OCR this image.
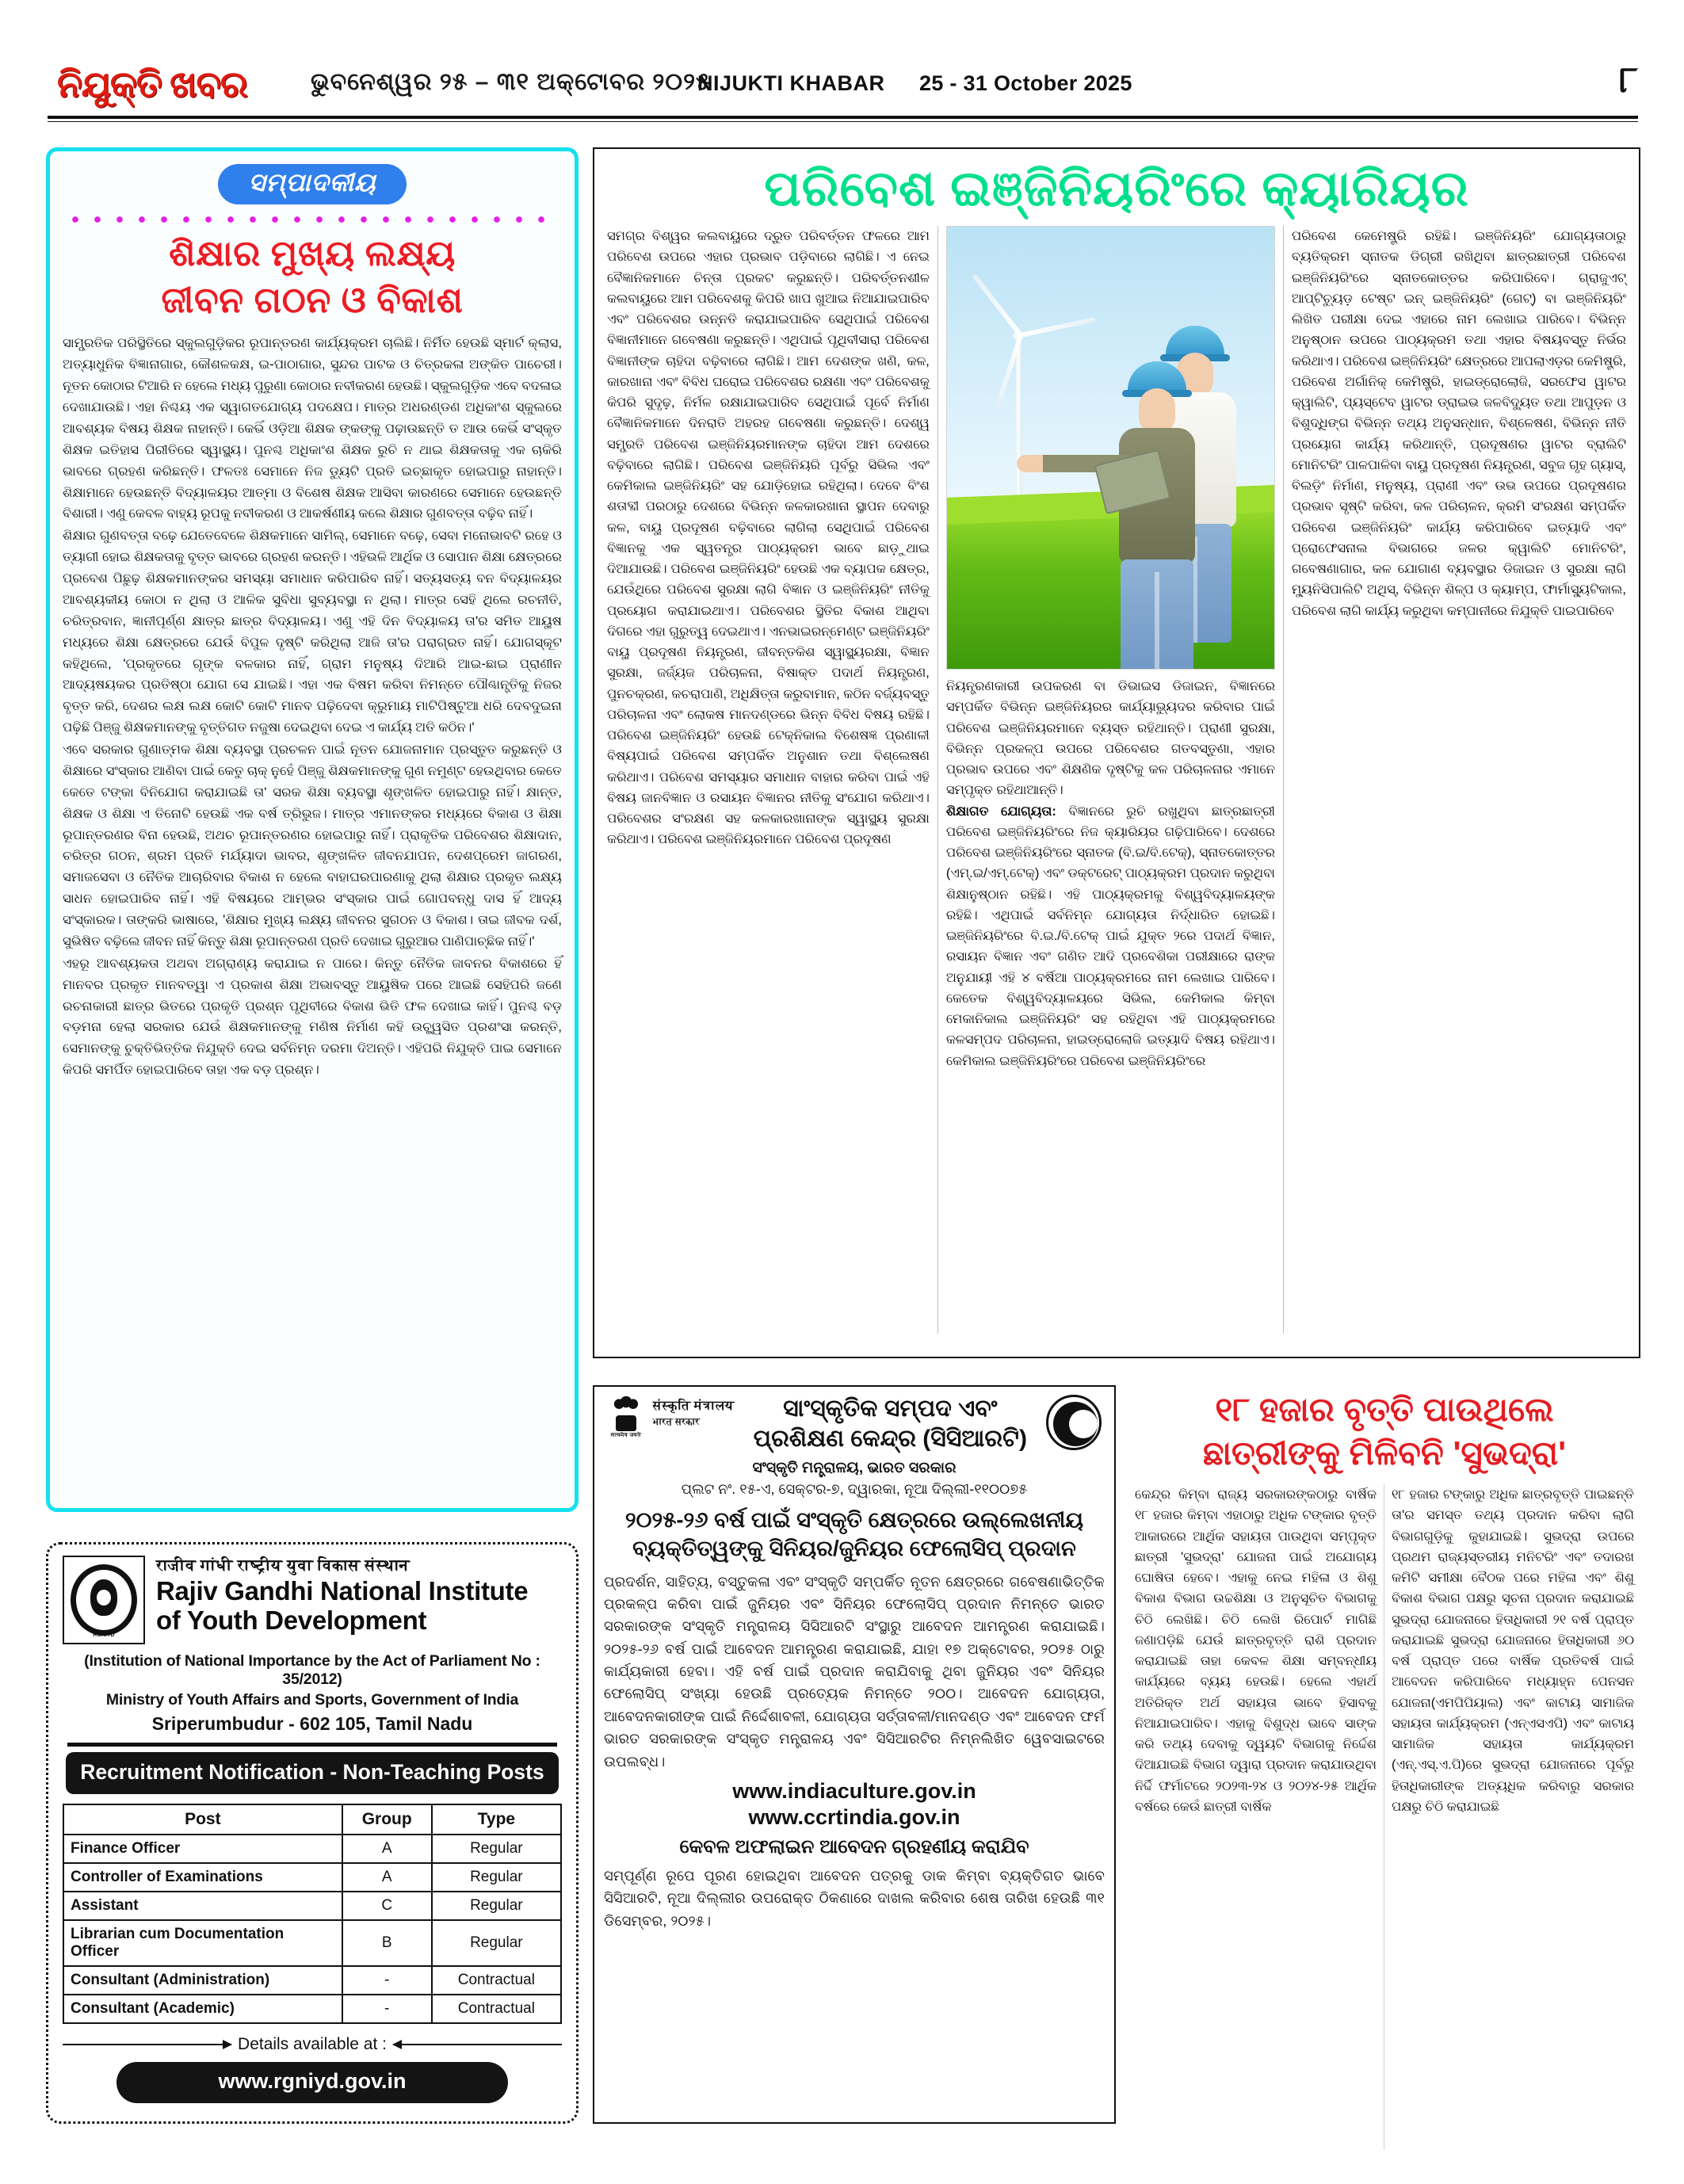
ନିଯୁକ୍ତି ଖବର	ଭୁବନେଶ୍ୱର ୨୫ – ୩୧ ଅକ୍ଟୋବର ୨୦୨୫
NIJUKTI KHABAR 25 - 31 October 2025	୮
ସମ୍ପାଦକୀୟ
ଶିକ୍ଷାର ମୁଖ୍ୟ ଲକ୍ଷ୍ୟ
ଜୀବନ ଗଠନ ଓ ବିକାଶ

ସାମ୍ପ୍ରତିକ ପରିସ୍ଥିତିରେ ସ୍କୁଲଗୁଡ଼ିକର ରୂପାନ୍ତରଣ କାର୍ଯ୍ୟକ୍ରମ ଚାଲିଛି। ନିର୍ମିତ ହେଉଛି ସ୍ମାର୍ଟ କ୍ଲାସ, ଅତ୍ୟାଧୁନିକ ବିଜ୍ଞାନାଗାର, କୌଶଳକକ୍ଷ, ଇ-ପାଠାଗାର, ସୁନ୍ଦର ପାଟକ ଓ ଚିତ୍ରକଳା ଅଙ୍କିତ ପାଚେରୀ। ନୂତନ କୋଠାର ଟିଆରି ନ ହେଲେ ମଧ୍ୟ ପୁରୁଣା କୋଠାର ନବୀକରଣ ହେଉଛି। ସ୍କୁଲଗୁଡ଼ିକ ଏବେ ବଦଳାଇ ଦେଖାଯାଉଛି। ଏହା ନିଶ୍ଚୟ ଏକ ସ୍ୱାଗତଯୋଗ୍ୟ ପଦକ୍ଷେପ। ମାତ୍ର ଅଧରଣ୍ଡଣ ଅଧିକାଂଶ ସ୍କୁଲରେ ଆବଶ୍ୟକ ବିଷୟ ଶିକ୍ଷକ ନାହାନ୍ତି। କେଭିଁ ଓଡ଼ିଆ ଶିକ୍ଷକ ଙ୍କଙ୍କୁ ପଢ଼ାଉଛନ୍ତି ତ ଆଉ କେଭିଁ ସଂସ୍କୃତ ଶିକ୍ଷକ ଇତିହାସ ପିରୀତିରେ ସ୍ୱାସ୍ଥ୍ୟ। ପୁନଶ୍ଚ ଅଧିକାଂଶ ଶିକ୍ଷକ ରୁଚି ନ ଥାଇ ଶିକ୍ଷକତାକୁ ଏକ ଚାକିରି ଭାବରେ ଗ୍ରହଣ କରିଛନ୍ତି। ଫଳତଃ ସେମାନେ ନିଜ ଡ୍ୟୁଟି ପ୍ରତି ଇଚ୍ଛାକୃତ ହୋଇପାରୁ ନାହାନ୍ତି। ଶିକ୍ଷାମାନେ ହେଉଛନ୍ତି ବିଦ୍ୟାଳୟର ଆତ୍ମା ଓ ବିଶେଷ ଶିକ୍ଷକ ଆସିବା କାରଣରେ ସେମାନେ ହେଉଛନ୍ତି ବିଶାରୀ। ଏଣୁ କେବଳ ବାହ୍ୟ ରୂପକୁ ନବୀକରଣ ଓ ଆକର୍ଷଣୀୟ କଲେ ଶିକ୍ଷାର ଗୁଣବତ୍ତା ବଢ଼ିବ ନାହିଁ।

ଶିକ୍ଷାର ଗୁଣବତ୍ତା ବଢ଼େ ଯେତେବେଳେ ଶିକ୍ଷକମାନେ ସାମିଲ୍, ସେମାନେ ବଢ଼େ, ସେବା ମନୋଭାବଟି ରହେ ଓ ତ୍ୟାଗୀ ହୋଇ ଶିକ୍ଷକତାକୁ ବୃତ୍ତ ଭାବରେ ଗ୍ରହଣ କରନ୍ତି। ଏହିଭଳି ଆର୍ଥିକ ଓ ସୋପାନ ଶିକ୍ଷା କ୍ଷେତ୍ରରେ ପ୍ରବେଶ ପିଛୁଢ଼ ଶିକ୍ଷକମାନଙ୍କର ସମସ୍ୟା ସମାଧାନ କରିପାରିବ ନାହିଁ। ସତ୍ୟସତ୍ୟ ବନ ବିଦ୍ୟାଳୟର ଆବଶ୍ୟକୀୟ କୋଠା ନ ଥିଲା ଓ ଆଳିକ ସୁବିଧା ସୁବ୍ୟବସ୍ଥା ନ ଥିଲା। ମାତ୍ର ସେହି ଥିଲେ ରଚନୀତି, ଚରିତ୍ରବାନ, ଜ୍ଞାନୀପୂର୍ଣ୍ଣ କ୍ଷାତ୍ର ଛାତ୍ର ବିଦ୍ୟାଳୟ। ଏଣୁ ଏହି ଦିନ ବିଦ୍ୟାଳୟ ତା'ର ସମିତ ଆୟୁଷ ମଧ୍ୟରେ ଶିକ୍ଷା କ୍ଷେତ୍ରରେ ଯେଉଁ ବିପୁଳ ଦୃଷ୍ଟି କରିଥିଲା ଆଜି ତା'ର ପରାଗ୍ରତ ନାହିଁ। ଯୋଗସ୍କୂଟ କହିଥିଲେ, 'ପ୍ରକୃତରେ ଗୃଙ୍କ ବଳକାର ନାହିଁ, ଗ୍ରାମ ମନୁଷ୍ୟ ଦିଆରି ଆଇ-ଛାଇ ପ୍ରାଣୀନ ଆଦ୍ୟଷୟକର ପ୍ରତିଷ୍ଠା ଯୋଗ ସେ ଯାଇଛି। ଏହା ଏକ ବିଷମ କରିବା ନିମନ୍ତେ ପୌଣ୍ଢାନ୍ତ୍ତିକୁ ନିଜର ବୃତ୍ତ କରି, ଦେଶର ଲକ୍ଷ ଲକ୍ଷ କୋଟି କୋଟି ମାନବ ପଢ଼ିଦେବା କ୍ରୁମାୟ ମାଟିପିଷ୍ଟୁଆ ଧରି ଦେବଦୁଇନା ପଢ଼ିଛି ପିଞ୍ଜୁ ଶିକ୍ଷକମାନଙ୍କୁ ବୃତ୍ତିଗତ ନଜୁଷା ଦେଇଥିବା ଦେଇ ଏ କାର୍ଯ୍ୟ ଅତି କଠିନ।'

ଏବେ ସରକାର ଗୁଣାତ୍ମକ ଶିକ୍ଷା ବ୍ୟବସ୍ଥା ପ୍ରଚଳନ ପାଇଁ ନୂତନ ଯୋଜନାମାନ ପ୍ରସ୍ତୁତ କରୁଛନ୍ତି ଓ ଶିକ୍ଷାରେ ସଂସ୍କାର ଆଣିବା ପାଇଁ କେତୁ ଚାକ୍ ନୁହେଁ ପିଞ୍ଜୁ ଶିକ୍ଷକମାନଙ୍କୁ ଗୁଣ ନମୁଣ୍ଟ ହେଉଥିବାର କେତେ କେତେ ଟଙ୍କା ବିନିଯୋଗ କରାଯାଇଛି ତା' ସରକ ଶିକ୍ଷା ବ୍ୟବସ୍ଥା ଶୃଙ୍ଖଳିତ ହୋଇପାରୁ ନାହିଁ। କ୍ଷାନ୍ତ, ଶିକ୍ଷକ ଓ ଶିକ୍ଷା ଏ ତିନୋଟି ହେଉଛି ଏକ ବର୍ଷ ତ୍ରିଭୁଜ। ମାତ୍ର ଏମାନଙ୍କର ମଧ୍ୟରେ ବିକାଶ ଓ ଶିକ୍ଷା ରୂପାନ୍ତରଣର ବିନା ହେଉଛି, ଅଥଚ ରୂପାନ୍ତରଣର ହୋଇପାରୁ ନାହିଁ। ପ୍ରାକୃତିକ ପରିବେଶର ଶିକ୍ଷାଦାନ, ଚରିତ୍ର ଗଠନ, ଶ୍ରମ ପ୍ରତି ମର୍ଯ୍ୟାଦା ଭାବର, ଶୃଙ୍ଖଳିତ ଜୀବନଯାପନ, ଦେଶପ୍ରେମ ଜାଗରଣ, ସମାଜସେବା ଓ ନୈତିକ ଆଚାରିବାର ବିକାଶ ନ ହେଲେ ବାହାଘରପାରଣାକୁ ଥିଲା ଶିକ୍ଷାର ପ୍ରକୃତ ଲକ୍ଷ୍ୟ ସାଧନ ହୋଇପାରିବ ନାହିଁ। ଏହି ବିଷୟରେ ଆମ୍ଭର ସଂସ୍କାର ପାଇଁ ଗୋପବନ୍ଧୁ ଦାସ ହିଁ ଆଦ୍ୟ ସଂସ୍କାରକ। ତାଙ୍କରି ଭାଷାରେ, 'ଶିକ୍ଷାର ମୁଖ୍ୟ ଲକ୍ଷ୍ୟ ଜୀବନର ସୁଗଠନ ଓ ବିକାଶ। ତାଇ ଜୀବକ ଦର୍ଶ, ସୁଭିଷିତ ବଢ଼ିଲେ ଜୀବନ ନାହିଁ କିନ୍ତୁ ଶିକ୍ଷା ରୂପାନ୍ତରଣ ପ୍ରତି ଦେଖାଇ ଗୁରୁଆର ପାଣିପାଚ୍ଛିକ ନାହିଁ।'

ଏହରୂ ଆବଶ୍ୟକତା ଅଥବା ଅଗ୍ରାଣ୍ୟ କରାଯାଇ ନ ପାରେ। କିନ୍ତୁ ନୈତିକ ଜାବନର ବିକାଶରେ ହିଁ ମାନବର ପ୍ରକୃତ ମାନବତ୍ୱା ଏ ପ୍ରକାଶ ଶିକ୍ଷା ଅଭାବସ୍ତୁ ଆୟୁଷିକ ପରେ ଆଇଛି ସେହିପରି ଜଣେ ରଚନାକାରୀ ଛାତ୍ର ଭିତରେ ପ୍ରକୃତି ପ୍ରଶ୍ନ ପୃଥିବୀରେ ବିକାଶ ଭିତି ଫଳ ଦେଖାଇ କାହିଁ। ପୁନଶ୍ଚ ବଡ଼ ବଡ଼ମନା ହେଲା ସରକାର ଯେଉଁ ଶିକ୍ଷକମାନଙ୍କୁ ମଣିଷ ନିର୍ମାଣ କହି ଉଚ୍ଛ୍ୱସିତ ପ୍ରଶଂସା କରନ୍ତି, ସେମାନଙ୍କୁ ଚୁକ୍ତିଭିତ୍ତିକ ନିଯୁକ୍ତି ଦେଇ ସର୍ବନିମ୍ନ ଦରମା ଦିଅନ୍ତି। ଏହିପରି ନିଯୁକ୍ତି ପାଇ ସେମାନେ କିପରି ସମର୍ପିତ ହୋଇପାରିବେ ତାହା ଏକ ବଡ଼ ପ୍ରଶ୍ନ।

RGNIYD
राजीव गांधी राष्ट्रीय युवा विकास संस्थान
Rajiv Gandhi National Institute
of Youth Development
(Institution of National Importance by the Act of Parliament No : 35/2012)
Ministry of Youth Affairs and Sports, Government of India
Sriperumbudur - 602 105, Tamil Nadu
Recruitment Notification - Non-Teaching Posts
Post	Group	Type
Finance Officer	A	Regular
Controller of Examinations	A	Regular
Assistant	C	Regular
Librarian cum Documentation Officer	B	Regular
Consultant (Administration)	-	Contractual
Consultant (Academic)	-	Contractual
Details available at :
www.rgniyd.gov.in
ପରିବେଶ ଇଞ୍ଜିନିୟରିଂରେ କ୍ୟାରିୟର

ସମଗ୍ର ବିଶ୍ୱର କଲବାୟୁରେ ଦ୍ରୁତ ପରିବର୍ତ୍ତନ ଫଳରେ ଆମ ପରିବେଶ ଉପରେ ଏହାର ପ୍ରଭାବ ପଡ଼ିବାରେ ଲାଗିଛି। ଏ ନେଇ ବୈଜ୍ଞାନିକମାନେ ଚିନ୍ତା ପ୍ରକଟ କରୁଛନ୍ତି। ପରିବର୍ତ୍ତନଶୀଳ କଲବାୟୁରେ ଆମ ପରିବେଶକୁ କିପରି ଖାପ ଖୁଆଇ ନିଆଯାଇପାରିବ ଏବଂ ପରିବେଶର ଉନ୍ନତି କରାଯାଇପାରିବ ସେଥିପାଇଁ ପରିବେଶ ବିଜ୍ଞାନୀମାନେ ଗବେଷଣା କରୁଛନ୍ତି। ଏଥିପାଇଁ ପୃଥିବୀସାରା ପରିବେଶ ବିଜ୍ଞାନୀଙ୍କ ଚାହିଦା ବଢ଼ିବାରେ ଲାଗିଛି। ଆମ ଦେଶଙ୍କ ଖଣି, କଳ, କାରଖାନା ଏବଂ ବିବିଧ ଘରୋଇ ପରିବେଶର ରକ୍ଷଣା ଏବଂ ପରିବେଶକୁ କିପରି ସୁଦୃଢ଼, ନିର୍ମଳ ରକ୍ଷାଯାଇପାରିବ ସେଥିପାଇଁ ପୂର୍ବେ ନିର୍ମାଣ ବୈଜ୍ଞାନିକମାନେ ଦିନରାତି ଅହରହ ଗବେଷଣା କରୁଛନ୍ତି। ଦେଶ୍ୱ ସମ୍ପ୍ରତି ପରିବେଶ ଇଞ୍ଜିନିୟରମାନଙ୍କ ଚାହିଦା ଆମ ଦେଶରେ ବଢ଼ିବାରେ ଲାଗିଛି। ପରିବେଶ ଇଞ୍ଜିନିୟରି ପୂର୍ବରୁ ସିଭିଲ ଏବଂ କେମିକାଲ ଇଞ୍ଜିନିୟରିଂ ସହ ଯୋଡ଼ିହୋଇ ରହିଥିଲା। ଦେବେ ବିଂଶ ଶତାବ୍ଦୀ ପରଠାରୁ ଦେଶରେ ବିଭିନ୍ନ କଳକାରଖାନା ସ୍ଥାପନ ଦେବାରୁ କଳ, ବାୟୁ ପ୍ରଦୂଷଣ ବଢ଼ିବାରେ ଲାଗିଲା ସେଥିପାଇଁ ପରିବେଶ ବିଜ୍ଞାନକୁ ଏକ ସ୍ୱତନ୍ତ୍ର ପାଠ୍ୟକ୍ରମ ଭାବେ ଛାଡ଼ୁଥାଇ ଦିଆଯାଉଛି। ପରିବେଶ ଇଞ୍ଜିନିୟରିଂ ହେଉଛି ଏକ ବ୍ୟାପକ କ୍ଷେତ୍ର, ଯେଉଁଥିରେ ପରିବେଶ ସୁରକ୍ଷା ଲାଗି ବିଜ୍ଞାନ ଓ ଇଞ୍ଜିନିୟରିଂ ନୀତିକୁ ପ୍ରୟୋଗ କରାଯାଇଥାଏ। ପରିବେଶର ସ୍ଥିତିର ବିକାଶ ଆଥିବା ଦିଗରେ ଏହା ଗୁରୁତ୍ୱ ଦେଇଥାଏ। ଏନଭାଇରନ୍ମେଣ୍ଟ ଇଞ୍ଜିନିୟରିଂ ବାୟୁ ପ୍ରଦୂଷଣ ନିୟନ୍ତ୍ରଣ, ଜୀବନ୍ତକିଶ ସ୍ୱାସ୍ଥ୍ୟରକ୍ଷା, ବିଜ୍ଞାନ ସୁରକ୍ଷା, ଜର୍ଜ୍ୟଜ ପରିଚାଳନା, ବିଷାକ୍ତ ପଦାର୍ଥ ନିୟନ୍ତ୍ରଣ, ପୁନଚକ୍ରଣ, କଚରାପାଣି, ଅଧିକ୍ଷିତ୍ତା କରୁବାମାନ, କଠିନ ବର୍ଜ୍ୟବସ୍ତୁ ପରିଚାଳନା ଏବଂ ଲୋକଷ ମାନଦଣ୍ଡରେ ଭିନ୍ନ ବିବିଧ ବିଷୟ ରହିଛି। ପରିବେଶ ଇଞ୍ଜିନିୟରିଂ ହେଉଛି ଟେକ୍ନିକାଲ ବିଶେଷଜ୍ଞ ପ୍ରଣାଳୀ ବିଷ୍ୟପାଇଁ ପରିବେଶ ସମ୍ପର୍କିତ ଅନୁଶାନ ତଥା ବିଶ୍ଲେଷଣ କରିଥାଏ। ପରିବେଶ ସମସ୍ୟାର ସମାଧାନ ବାହାର କରିବା ପାଇଁ ଏହି ବିଷୟ ଜାନବିଜ୍ଞାନ ଓ ରସାୟନ ବିଜ୍ଞାନର ନୀତିକୁ ସଂଯୋଗ କରିଥାଏ। ପରିବେଶର ସଂରକ୍ଷଣ ସହ କଳକାରଖାନାଙ୍କ ସ୍ୱାସ୍ଥ୍ୟ ସୁରକ୍ଷା କରିଥାଏ। ପରିବେଶ ଇଞ୍ଜିନିୟରମାନେ ପରିବେଶ ପ୍ରଦୂଷଣ

ନିୟନ୍ତ୍ରଣକାରୀ ଉପକରଣ ବା ଡିଭାଇସ ଡିଜାଇନ, ବିଜ୍ଞାନରେ ସମ୍ପର୍କିତ ବିଭିନ୍ନ ଇଞ୍ଜିନିୟରର କାର୍ଯ୍ୟାଭ୍ୟୁଦର କରିବାର ପାଇଁ ପରିବେଶ ଇଞ୍ଜିନିୟରମାନେ ବ୍ୟସ୍ତ ରହିଥାନ୍ତି। ପ୍ରାଣୀ ସୁରକ୍ଷା, ବିଭିନ୍ନ ପ୍ରକଳ୍ପ ଉପରେ ପରିବେଶର ଗତବସ୍ତୁଣା, ଏହାର ପ୍ରଭାବ ଉପରେ ଏବଂ ଶିକ୍ଷଣିକ ଦୃଷ୍ଟିକୁ କଳ ପରିଚାଳନାର ଏମାନେ ସମ୍ପୃକ୍ତ ରହିଥାଆନ୍ତି।

ଶିକ୍ଷାଗତ ଯୋଗ୍ୟତା: ବିଜ୍ଞାନରେ ରୁଚି ରଖୁଥିବା ଛାତ୍ରଛାତ୍ରୀ ପରିବେଶ ଇଞ୍ଜିନିୟରିଂରେ ନିଜ କ୍ୟାରିୟର ଗଢ଼ିପାରିବେ। ଦେଶରେ ପରିବେଶ ଇଞ୍ଜିନିୟରିଂରେ ସ୍ନାତକ (ବି.ଇ/ବି.ଟେକ୍), ସ୍ନାତକୋତ୍ତର (ଏମ୍.ଇ/ଏମ୍.ଟେକ୍) ଏବଂ ଡକ୍ଟରେଟ୍ ପାଠ୍ୟକ୍ରମ ପ୍ରଦାନ କରୁଥିବା ଶିକ୍ଷାନୁଷ୍ଠାନ ରହିଛି। ଏହି ପାଠ୍ୟକ୍ରମକୁ ବିଶ୍ୱବିଦ୍ୟାଳୟଙ୍କ ରହିଛି। ଏଥିପାଇଁ ସର୍ବନିମ୍ନ ଯୋଗ୍ୟତା ନିର୍ଦ୍ଧାରିତ ହୋଇଛି। ଇଞ୍ଜିନିୟରିଂରେ ବି.ଇ./ବି.ଟେକ୍ ପାଇଁ ଯୁକ୍ତ ୨ରେ ପଦାର୍ଥ ବିଜ୍ଞାନ, ରସାୟନ ବିଜ୍ଞାନ ଏବଂ ଗଣିତ ଆଦି ପ୍ରବେଶିକା ପରୀକ୍ଷାରେ ରାଙ୍କ ଅନୁଯାୟୀ ଏହି ୪ ବର୍ଷିଆ ପାଠ୍ୟକ୍ରମରେ ନାମ ଲେଖାଇ ପାରିବେ। କେତେକ ବିଶ୍ୱବିଦ୍ୟାଳୟରେ ସିଭିଲ, କେମିକାଲ କିମ୍ବା ମେକାନିକାଲ ଇଞ୍ଜିନିୟରିଂ ସହ ରହିଥିବା ଏହି ପାଠ୍ୟକ୍ରମରେ କଳସମ୍ପଦ ପରିଚାଳନା, ହାଇଡ୍ରୋଲୋଜି ଇତ୍ୟାଦି ବିଷୟ ରହିଥାଏ। କେମିକାଲ ଇଞ୍ଜିନିୟରିଂରେ ପରିବେଶ ଇଞ୍ଜିନିୟରିଂରେ

ପରିବେଶ କେମେଷ୍ଟ୍ରି ରହିଛି। ଇଞ୍ଜିନିୟରିଂ ଯୋଗ୍ୟତାଠାରୁ ବ୍ୟତିକ୍ରମ ସ୍ନାତକ ଡିଗ୍ରୀ ରଖିଥିବା ଛାତ୍ରଛାତ୍ରୀ ପରିବେଶ ଇଞ୍ଜିନିୟରିଂରେ ସ୍ନାତକୋତ୍ତର କରିପାରିବେ। ଗ୍ରାଜୁଏଟ୍ ଆପ୍ଟିଚ୍ୟୁଡ଼ ଟେଷ୍ଟ ଇନ୍ ଇଞ୍ଜିନିୟରିଂ (ଗେଟ୍) ବା ଇଞ୍ଜିନିୟରିଂ ଲିଖିତ ପରୀକ୍ଷା ଦେଇ ଏହାରେ ନାମ ଲେଖାଇ ପାରିବେ। ବିଭିନ୍ନ ଅନୁଷ୍ଠାନ ଉପରେ ପାଠ୍ୟକ୍ରମ ତଥା ଏହାର ବିଷୟବସ୍ତୁ ନିର୍ଭର କରିଥାଏ। ପରିବେଶ ଇଞ୍ଜିନିୟରିଂ କ୍ଷେତ୍ରରେ ଆପଲାଏଡ଼ର କେମିଷ୍ଟ୍ରି, ପରିବେଶ ଅର୍ଗାନିକ୍ କେମିଷ୍ଟ୍ରି, ହାଇଡ୍ରୋଲୋଜି, ସରଫେସ ୱାଟର କ୍ୱାଲିଟି, ପ୍ୟସ୍ଟେବ ୱାଟର ଡ୍ରାଇଭ ଜଳବିଦ୍ୟୁତ ତଥା ଆପୁଡ଼ନ ଓ ବିଶୁଦ୍ଧିଙ୍ଗ ବିଭିନ୍ନ ତଥ୍ୟ ଅନୁସନ୍ଧାନ, ବିଶ୍ଳେଷଣ, ବିଭିନ୍ନ ନୀତି ପ୍ରୟୋଗ କାର୍ଯ୍ୟ କରିଥାନ୍ତି, ପ୍ରଦୂଷଣର ୱାଟର ବ୍ରାଲିଟି ମୋନିଟରିଂ ପାଳପାଳିବା ବାୟୁ ପ୍ରଦୂଷଣ ନିୟନ୍ତ୍ରଣ, ସବୁଜ ଗୃହ ଗ୍ୟାସ୍, ବିଲଡ଼ିଂ ନିର୍ମାଣ, ମନୁଷ୍ୟ, ପ୍ରାଣୀ ଏବଂ ଉଭ ଉପରେ ପ୍ରଦୂଷଣର ପ୍ରଭାବ ସୃଷ୍ଟି କରିବା, କଳ ପରିଚାଳନ, କ୍ରମି ସଂରକ୍ଷଣ ସମ୍ପର୍କିତ ପରିବେଶ ଇଞ୍ଜିନିୟରିଂ କାର୍ଯ୍ୟ କରିପାରିବେ ଇତ୍ୟାଦି ଏବଂ ପ୍ରୋଫେସନାଲ ବିଭାଗରେ ଜଳର କ୍ୱାଲିଟି ମୋନିଟରିଂ, ଗବେଷଣାଗାର, କଳ ଯୋଗାଣ ବ୍ୟବସ୍ଥାର ଡିଜାଇନ ଓ ସୁରକ୍ଷା ଲାଗି ମ୍ୟୁନିସିପାଲିଟି ଅଥିସ୍, ବିଭିନ୍ନ ଶିଳ୍ପ ଓ କ୍ୟାମ୍ପ, ଫାର୍ମାସ୍ୟୁଟିକାଲ, ପରିବେଶ ଲାଗି କାର୍ଯ୍ୟ କରୁଥିବା କମ୍ପାନୀରେ ନିଯୁକ୍ତି ପାଇପାରିବେ

सत्यमेव जयते
संस्कृति मंत्रालय
भारत सरकार	ସାଂସ୍କୃତିକ ସମ୍ପଦ ଏବଂ
ପ୍ରଶିକ୍ଷଣ କେନ୍ଦ୍ର (ସିସିଆରଟି)
ସଂସ୍କୃତି ମନ୍ତ୍ରାଳୟ, ଭାରତ ସରକାର
ପ୍ଲଟ ନଂ. ୧୫-ଏ, ସେକ୍ଟର-୭, ଦ୍ୱାରକା, ନୂଆ ଦିଲ୍ଲୀ-୧୧୦୦୭୫
୨୦୨୫-୨୬ ବର୍ଷ ପାଇଁ ସଂସ୍କୃତି କ୍ଷେତ୍ରରେ ଉଲ୍ଲେଖନୀୟ
ବ୍ୟକ୍ତିତ୍ୱଙ୍କୁ ସିନିୟର/ଜୁନିୟର ଫେଲୋସିପ୍ ପ୍ରଦାନ
ପ୍ରଦର୍ଶନ, ସାହିତ୍ୟ, ବସ୍ତୁକଳା ଏବଂ ସଂସ୍କୃତି ସମ୍ପର୍କିତ ନୂତନ କ୍ଷେତ୍ରରେ ଗବେଷଣାଭିତ୍ତିକ ପ୍ରକଳ୍ପ କରିବା ପାଇଁ ଜୁନିୟର ଏବଂ ସିନିୟର ଫେଲୋସିପ୍ ପ୍ରଦାନ ନିମନ୍ତେ ଭାରତ ସରକାରଙ୍କ ସଂସ୍କୃତି ମନ୍ତ୍ରାଳୟ ସିସିଆରଟି ସଂସ୍ଥାରୁ ଆବେଦନ ଆମନ୍ତ୍ରଣ କରାଯାଇଛି। ୨୦୨୫-୨୬ ବର୍ଷ ପାଇଁ ଆବେଦନ ଆମନ୍ତ୍ରଣ କରାଯାଇଛି, ଯାହା ୧୭ ଅକ୍ଟୋବର, ୨୦୨୫ ଠାରୁ କାର୍ଯ୍ୟକାରୀ ହେବା। ଏହି ବର୍ଷ ପାଇଁ ପ୍ରଦାନ କରାଯିବାକୁ ଥିବା ଜୁନିୟର ଏବଂ ସିନିୟର ଫେଲୋସିପ୍ ସଂଖ୍ୟା ହେଉଛି ପ୍ରତ୍ୟେକ ନିମନ୍ତେ ୨୦୦। ଆବେଦନ ଯୋଗ୍ୟତା, ଆବେଦନକାରୀଙ୍କ ପାଇଁ ନିର୍ଦ୍ଦେଶାବଳୀ, ଯୋଗ୍ୟତା ସର୍ତ୍ତାବଳୀ/ମାନଦଣ୍ଡ ଏବଂ ଆବେଦନ ଫର୍ମ ଭାରତ ସରକାରଙ୍କ ସଂସ୍କୃତ ମନ୍ତ୍ରାଳୟ ଏବଂ ସିସିଆରଟିର ନିମ୍ନଲିଖିତ ୱେବସାଇଟରେ ଉପଲବ୍ଧ।
www.indiaculture.gov.in
www.ccrtindia.gov.in
କେବଳ ଅଫଲାଇନ ଆବେଦନ ଗ୍ରହଣୀୟ କରାଯିବ
ସମ୍ପୂର୍ଣ୍ଣ ରୂପେ ପୂରଣ ହୋଇଥିବା ଆବେଦନ ପତ୍ରକୁ ଡାକ କିମ୍ବା ବ୍ୟକ୍ତିଗତ ଭାବେ ସିସିଆରଟି, ନୂଆ ଦିଲ୍ଲୀର ଉପରୋକ୍ତ ଠିକଣାରେ ଦାଖଲ କରିବାର ଶେଷ ତାରିଖ ହେଉଛି ୩୧ ଡିସେମ୍ବର, ୨୦୨୫।
୧୮ ହଜାର ବୃତ୍ତି ପାଉଥିଲେ
ଛାତ୍ରୀଙ୍କୁ ମିଳିବନି 'ସୁଭଦ୍ରା'
କେନ୍ଦ୍ର କିମ୍ବା ରାଜ୍ୟ ସରକାରଙ୍କଠାରୁ ବାର୍ଷିକ ୧୮ ହଜାର କିମ୍ବା ଏହାଠାରୁ ଅଧିକ ଟଙ୍କାର ବୃତ୍ତି ଆକାରରେ ଆର୍ଥିକ ସହାୟତା ପାଉଥିବା ସମ୍ପୃକ୍ତ ଛାତ୍ରୀ 'ସୁଭଦ୍ରା' ଯୋଜନା ପାଇଁ ଅଯୋଗ୍ୟ ଘୋଷିତା ହେବେ। ଏହାକୁ ନେଇ ମହିଳା ଓ ଶିଶୁ ବିକାଶ ବିଭାଗ ଉଚ୍ଚଶିକ୍ଷା ଓ ଅନୁସୂଚିତ ବିଭାଗକୁ ଚିଠି ଲେଖିଛି। ଚିଠି ଲେଖି ରିପୋର୍ଟ ମାଗିଛି ଜଣାପଡ଼ିଛି ଯେଉଁ ଛାତ୍ରବୃତ୍ତି ରାଶି ପ୍ରଦାନ କରାଯାଇଛି ତାହା କେବଳ ଶିକ୍ଷା ସମ୍ବନ୍ଧୀୟ କାର୍ଯ୍ୟରେ ବ୍ୟୟ ହେଉଛି। ହେଲେ ଏହାର୍ଥ ଅତିରିକ୍ତ ଅର୍ଥ ସହାୟତା ଭାବେ ହିସାବକୁ ନିଆଯାଇପାରିବ। ଏହାକୁ ବିଶୁଦ୍ଧ ଭାବେ ସାଙ୍କ କରି ତଥ୍ୟ ଦେବାକୁ ଦ୍ୱୟଟି ବିଭାଗକୁ ନିର୍ଦ୍ଦେଶ ଦିଆଯାଇଛି ବିଭାଗ ଦ୍ୱାରା ପ୍ରଦାନ କରାଯାଉଥିବା ନିର୍ଦ୍ଦି ଫର୍ମାଟରେ ୨୦୨୩-୨୪ ଓ ୨୦୨୪-୨୫ ଆର୍ଥିକ ବର୍ଷରେ କେଉଁ ଛାତ୍ରୀ ବାର୍ଷିକ
୧୮ ହଜାର ଟଙ୍କାରୁ ଅଧିକ ଛାତ୍ରବୃତ୍ତି ପାଇଛନ୍ତି ତା'ର ସମସ୍ତ ତଥ୍ୟ ପ୍ରଦାନ କରିବା ଲାଗି ବିଭାଗଗୁଡ଼ିକୁ କୁହାଯାଇଛି। ସୁଭଦ୍ରା ଉପରେ ପ୍ରଥମ ରାଜ୍ୟସ୍ତରୀୟ ମନିଟରିଂ ଏବଂ ତଦାରଖ କମିଟି ସମୀକ୍ଷା ବୈଠକ ପରେ ମହିଳା ଏବଂ ଶିଶୁ ବିକାଶ ବିଭାଗ ପକ୍ଷରୁ ସୂଚନା ପ୍ରଦାନ କରାଯାଇଛି ସୁଭଦ୍ରା ଯୋଜନାରେ ହିତାଧିକାରୀ ୨୧ ବର୍ଷ ପ୍ରାପ୍ତ କରାଯାଇଛି ସୁଭଦ୍ରା ଯୋଜନାରେ ହିତାଧିକାରୀ ୬୦ ବର୍ଷ ପ୍ରାପ୍ତ ପରେ ବାର୍ଷିକ ପ୍ରତିବର୍ଷ ପାଇଁ ଆବେଦନ କରିପାରିବେ ମଧ୍ୟାହ୍ନ ପେନସନ ଯୋଜନା(ଏମପିପିୟାଲ) ଏବଂ କାଟାୟ ସାମାଜିକ ସହାୟତା କାର୍ଯ୍ୟକ୍ରମ (ଏନ୍ଏସଏପି) ଏବଂ କାଟାୟ ସାମାଜିକ ସହାୟତା କାର୍ଯ୍ୟକ୍ରମ (ଏନ୍.ଏସ୍.ଏ.ପି)ରେ ସୁଭଦ୍ରା ଯୋଜନାରେ ପୂର୍ବରୁ ହିତାଧିକାରୀଙ୍କ ଅତ୍ୟଧିକ କରିବାରୁ ସରକାର ପକ୍ଷରୁ ଚିଠି କରାଯାଇଛି
